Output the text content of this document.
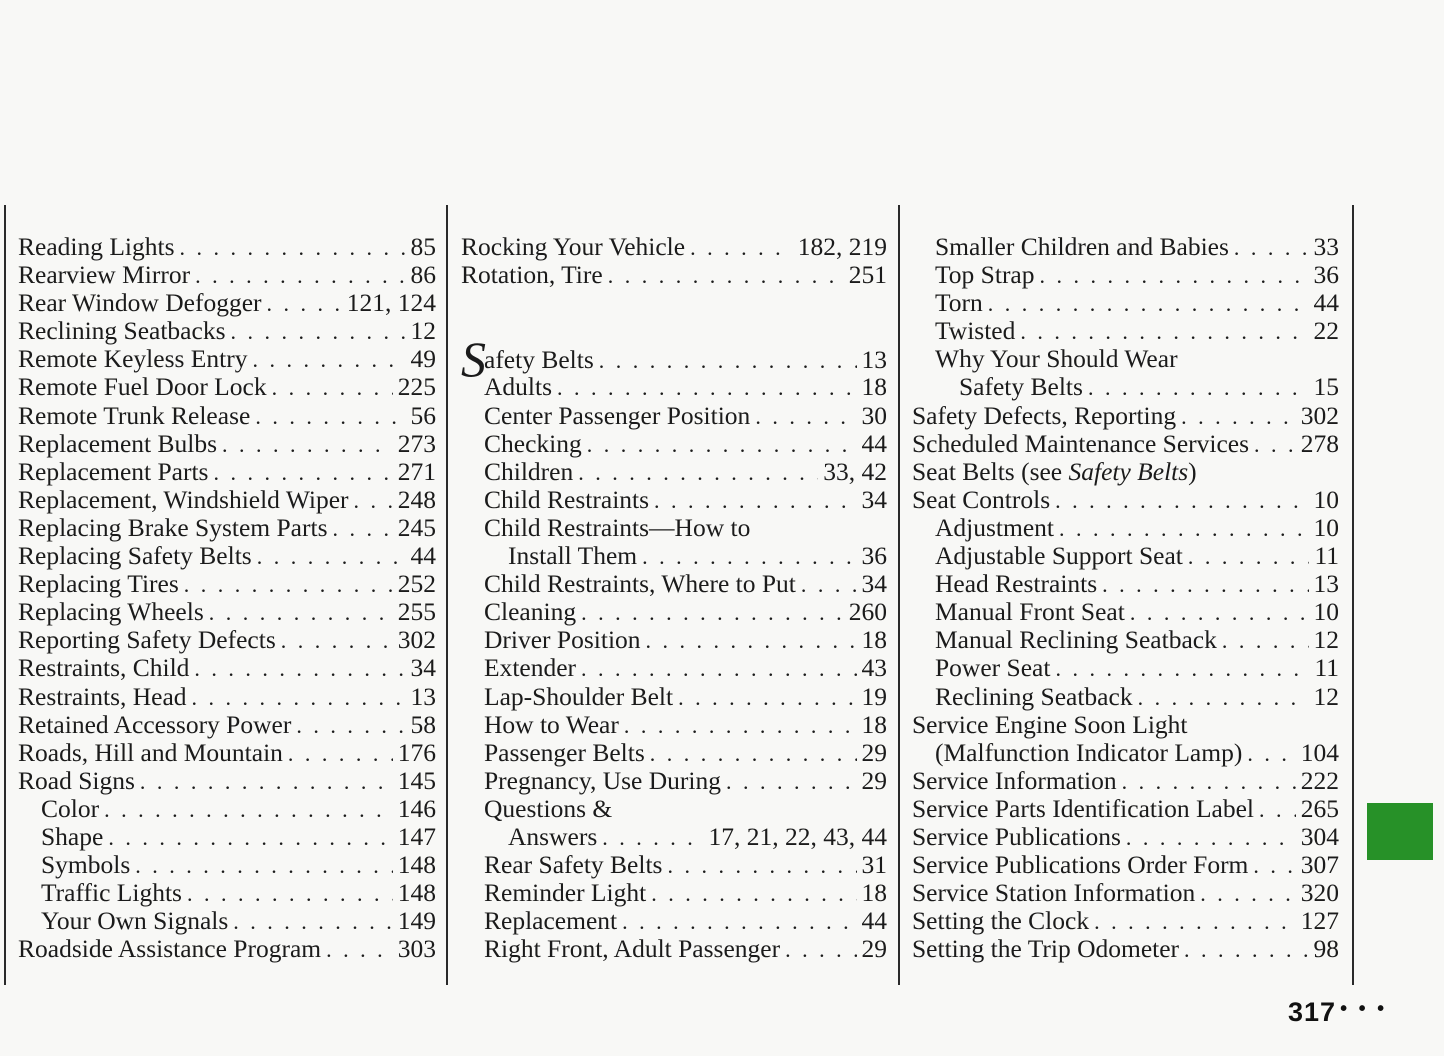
Reading Lights . . .	85
Rearview Mirror . . .	86
Rear Window Defogger . . .	121, 124
Reclining Seatbacks . . .	12
Remote Keyless Entry . . .	49
Remote Fuel Door Lock . . .	225
Remote Trunk Release . . .	56
Replacement Bulbs . . .	273
Replacement Parts . . .	271
Replacement, Windshield Wiper . . . 248
Replacing Brake System Parts . . .	245
Replacing Safety Belts . . .	44
Replacing Tires . . .	252
Replacing Wheels . . .	255
Reporting Safety Defects . . .	302
Restraints, Child . . .	34
Restraints, Head . . .	13
Retained Accessory Power . . .	58
Roads, Hill and Mountain . . .	176
Road Signs . . .	145
Color . . .	146
Shape . . .	147
Symbols . . .	148
Traffic Lights . . .	148
Your Own Signals . . .	149
Roadside Assistance Program . . .	303
Rocking Your Vehicle . . .	182, 219
Rotation, Tire . . .	251
Safety Belts . . .	13
Adults . . .	18
Center Passenger Position . . .	30
Checking . . .	44
Children . . .	33, 42
Child Restraints . . .	34
Child Restraints—How to
Install Them . . .	36
Child Restraints, Where to Put . . .	34
Cleaning . . .	260
Driver Position . . .	18
Extender . . .	43
Lap-Shoulder Belt . . .	19
How to Wear . . .	18
Passenger Belts . . .	29
Pregnancy, Use During . . .	29
Questions &
Answers . . .	17, 21, 22, 43, 44
Rear Safety Belts . . .	31
Reminder Light . . .	18
Replacement . . .	44
Right Front, Adult Passenger . . .	29
Smaller Children and Babies . . .	33
Top Strap . . .	36
Torn . . .	44
Twisted . . .	22
Why Your Should Wear
Safety Belts . . .	15
Safety Defects, Reporting . . .	302
Scheduled Maintenance Services . . . 278
Seat Belts (see Safety Belts)
Seat Controls . . .	10
Adjustment . . .	10
Adjustable Support Seat . . .	11
Head Restraints . . .	13
Manual Front Seat . . .	10
Manual Reclining Seatback . . .	12
Power Seat . . .	11
Reclining Seatback . . .	12
Service Engine Soon Light
(Malfunction Indicator Lamp) . . . 104
Service Information . . .	222
Service Parts Identification Label . . . 265
Service Publications . . .	304
Service Publications Order Form . . . 307
Service Station Information . . .	320
Setting the Clock . . .	127
Setting the Trip Odometer . . .	98
317 • • •
